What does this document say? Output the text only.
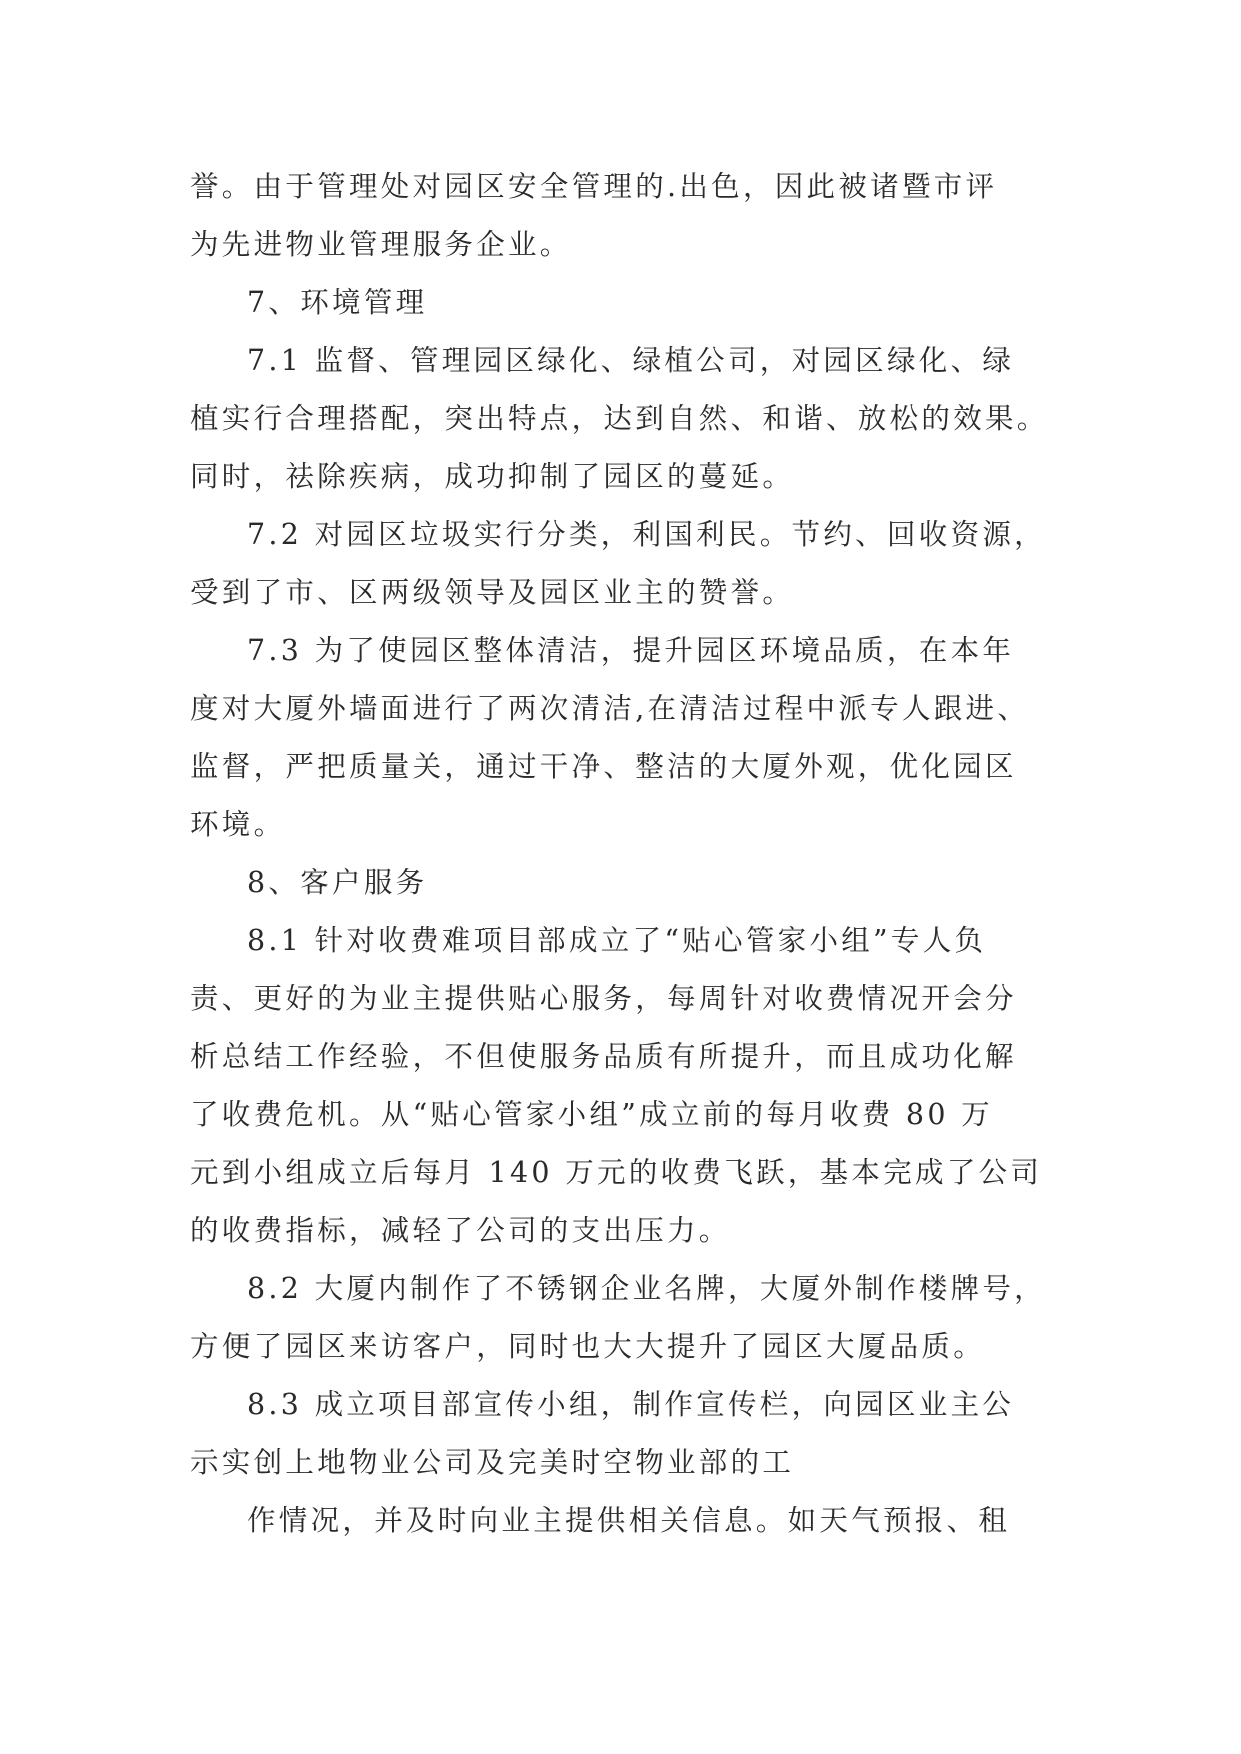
誉。由于管理处对园区安全管理的.出色，因此被诸暨市评
为先进物业管理服务企业。
7、环境管理
7.1 监督、管理园区绿化、绿植公司，对园区绿化、绿
植实行合理搭配，突出特点，达到自然、和谐、放松的效果。
同时，祛除疾病，成功抑制了园区的蔓延。
7.2 对园区垃圾实行分类，利国利民。节约、回收资源，
受到了市、区两级领导及园区业主的赞誉。
7.3 为了使园区整体清洁，提升园区环境品质，在本年
度对大厦外墙面进行了两次清洁,在清洁过程中派专人跟进、
监督，严把质量关，通过干净、整洁的大厦外观，优化园区
环境。
8、客户服务
8.1 针对收费难项目部成立了“贴心管家小组”专人负
责、更好的为业主提供贴心服务，每周针对收费情况开会分
析总结工作经验，不但使服务品质有所提升，而且成功化解
了收费危机。从“贴心管家小组”成立前的每月收费 80 万
元到小组成立后每月 140 万元的收费飞跃，基本完成了公司
的收费指标，减轻了公司的支出压力。
8.2 大厦内制作了不锈钢企业名牌，大厦外制作楼牌号，
方便了园区来访客户，同时也大大提升了园区大厦品质。
8.3 成立项目部宣传小组，制作宣传栏，向园区业主公
示实创上地物业公司及完美时空物业部的工
作情况，并及时向业主提供相关信息。如天气预报、租
